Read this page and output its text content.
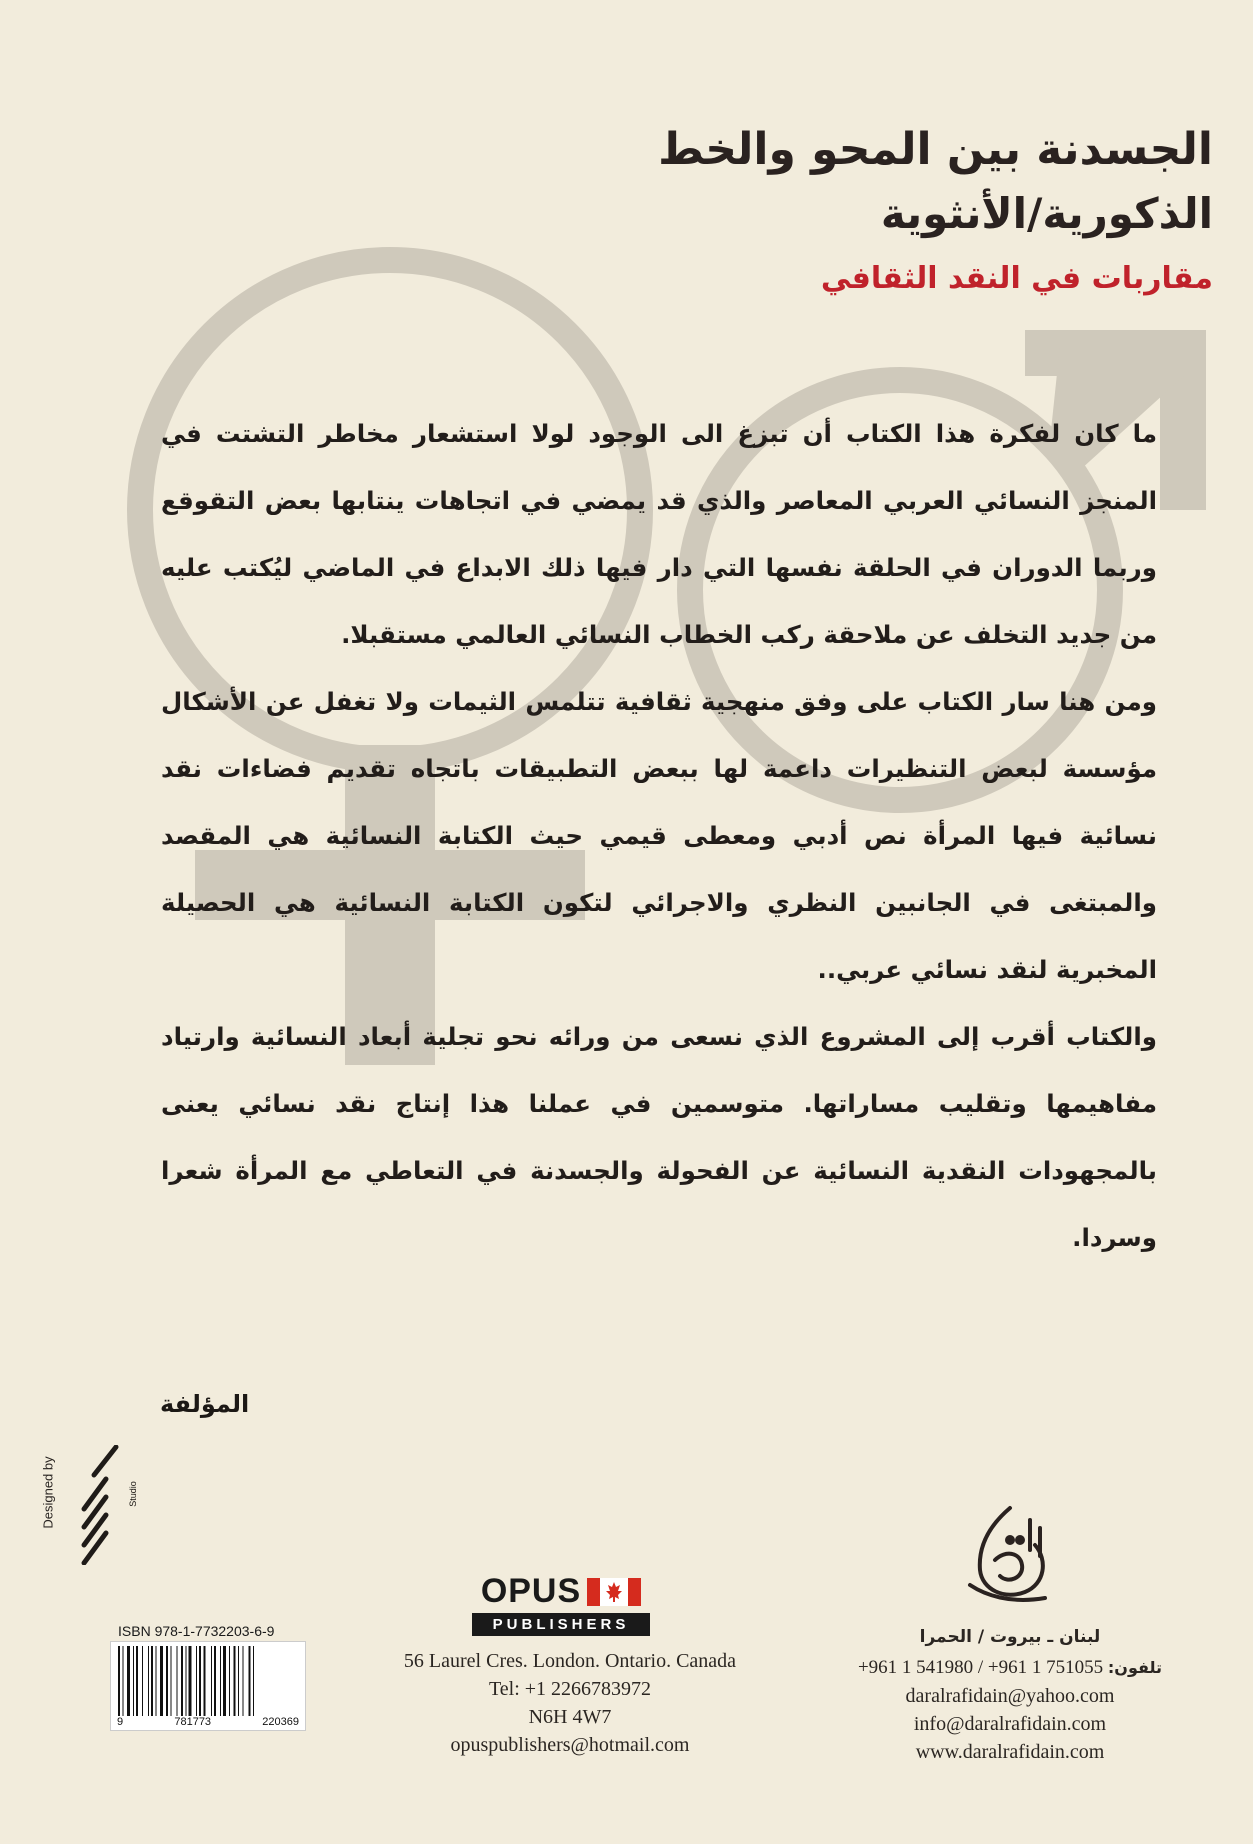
الجسدنة بين المحو والخط
الذكورية/الأنثوية
مقاربات في النقد الثقافي

ما كان لفكرة هذا الكتاب أن تبزغ الى الوجود لولا استشعار مخاطر التشتت في المنجز النسائي العربي المعاصر والذي قد يمضي في اتجاهات ينتابها بعض التقوقع وربما الدوران في الحلقة نفسها التي دار فيها ذلك الابداع في الماضي ليُكتب عليه من جديد التخلف عن ملاحقة ركب الخطاب النسائي العالمي مستقبلا.

ومن هنا سار الكتاب على وفق منهجية ثقافية تتلمس الثيمات ولا تغفل عن الأشكال مؤسسة لبعض التنظيرات داعمة لها ببعض التطبيقات باتجاه تقديم فضاءات نقد نسائية فيها المرأة نص أدبي ومعطى قيمي حيث الكتابة النسائية هي المقصد والمبتغى في الجانبين النظري والاجرائي لتكون الكتابة النسائية هي الحصيلة المخبرية لنقد نسائي عربي..

والكتاب أقرب إلى المشروع الذي نسعى من ورائه نحو تجلية أبعاد النسائية وارتياد مفاهيمها وتقليب مساراتها. متوسمين في عملنا هذا إنتاج نقد نسائي يعنى بالمجهودات النقدية النسائية عن الفحولة والجسدنة في التعاطي مع المرأة شعرا وسردا.

المؤلفة
Designed by	Studio
ISBN 978-1-7732203-6-9
9	781773	220369
OPUS
PUBLISHERS
56 Laurel Cres. London. Ontario. Canada
Tel: +1 2266783972
N6H 4W7
opuspublishers@hotmail.com
لبنان ـ بيروت / الحمرا
تلفون: +961 1 541980 / +961 1 751055
daralrafidain@yahoo.com
info@daralrafidain.com
www.daralrafidain.com
